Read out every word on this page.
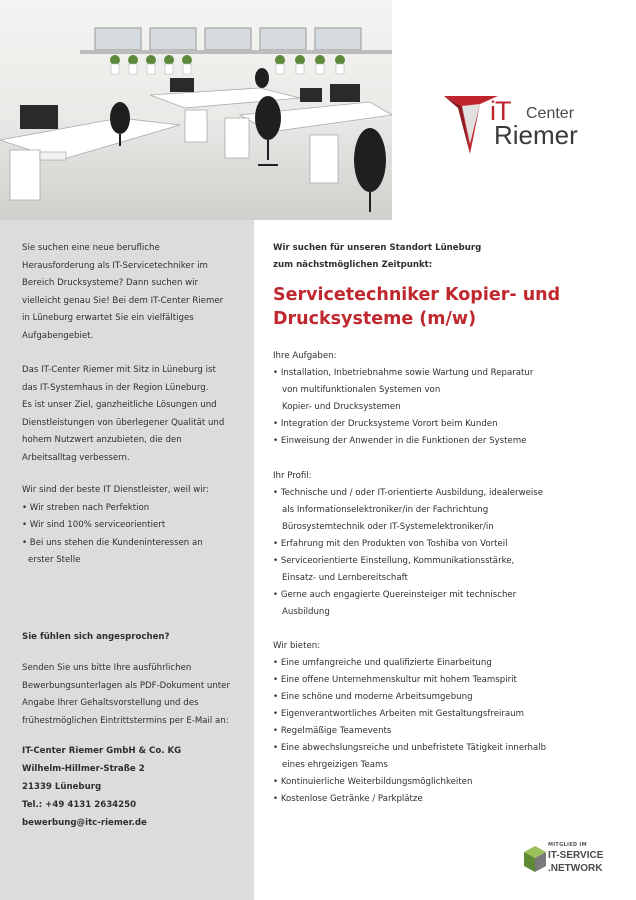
Sie suchen eine neue berufliche

Herausforderung als IT-Servicetechniker im

Bereich Drucksysteme? Dann suchen wir

vielleicht genau Sie! Bei dem IT-Center Riemer

in Lüneburg erwartet Sie ein vielfältiges

Aufgabengebiet.

Das IT-Center Riemer mit Sitz in Lüneburg ist

das IT-Systemhaus in der Region Lüneburg.

Es ist unser Ziel, ganzheitliche Lösungen und

Dienstleistungen von überlegener Qualität und

hohem Nutzwert anzubieten, die den

Arbeitsalltag verbessern.

Wir sind der beste IT Dienstleister, weil wir:

• Wir streben nach Perfektion

• Wir sind 100% serviceorientiert

• Bei uns stehen die Kundeninteressen an

erster Stelle

Sie fühlen sich angesprochen?

Senden Sie uns bitte Ihre ausführlichen

Bewerbungsunterlagen als PDF-Dokument unter

Angabe Ihrer Gehaltsvorstellung und des

frühestmöglichen Eintrittstermins per E-Mail an:

IT-Center Riemer GmbH & Co. KG
Wilhelm-Hillmer-Straße 2
21339 Lüneburg
Tel.: +49 4131 2634250
bewerbung@itc-riemer.de
iT Center
Riemer
Wir suchen für unseren Standort Lüneburg
zum nächstmöglichen Zeitpunkt:
Servicetechniker Kopier- und
Drucksysteme (m/w)
Ihre Aufgaben:
• Installation, Inbetriebnahme sowie Wartung und Reparatur
von multifunktionalen Systemen von
Kopier- und Drucksystemen
• Integration der Drucksysteme Vorort beim Kunden
• Einweisung der Anwender in die Funktionen der Systeme
Ihr Profil:
• Technische und / oder IT-orientierte Ausbildung, idealerweise
als Informationselektroniker/in der Fachrichtung
Bürosystemtechnik oder IT-Systemelektroniker/in
• Erfahrung mit den Produkten von Toshiba von Vorteil
• Serviceorientierte Einstellung, Kommunikationsstärke,
Einsatz- und Lernbereitschaft
• Gerne auch engagierte Quereinsteiger mit technischer
Ausbildung
Wir bieten:
• Eine umfangreiche und qualifizierte Einarbeitung
• Eine offene Unternehmenskultur mit hohem Teamspirit
• Eine schöne und moderne Arbeitsumgebung
• Eigenverantwortliches Arbeiten mit Gestaltungsfreiraum
• Regelmäßige Teamevents
• Eine abwechslungsreiche und unbefristete Tätigkeit innerhalb
eines ehrgeizigen Teams
• Kontinuierliche Weiterbildungsmöglichkeiten
• Kostenlose Getränke / Parkplätze
MITGLIED IM
IT-SERVICE
.NETWORK
